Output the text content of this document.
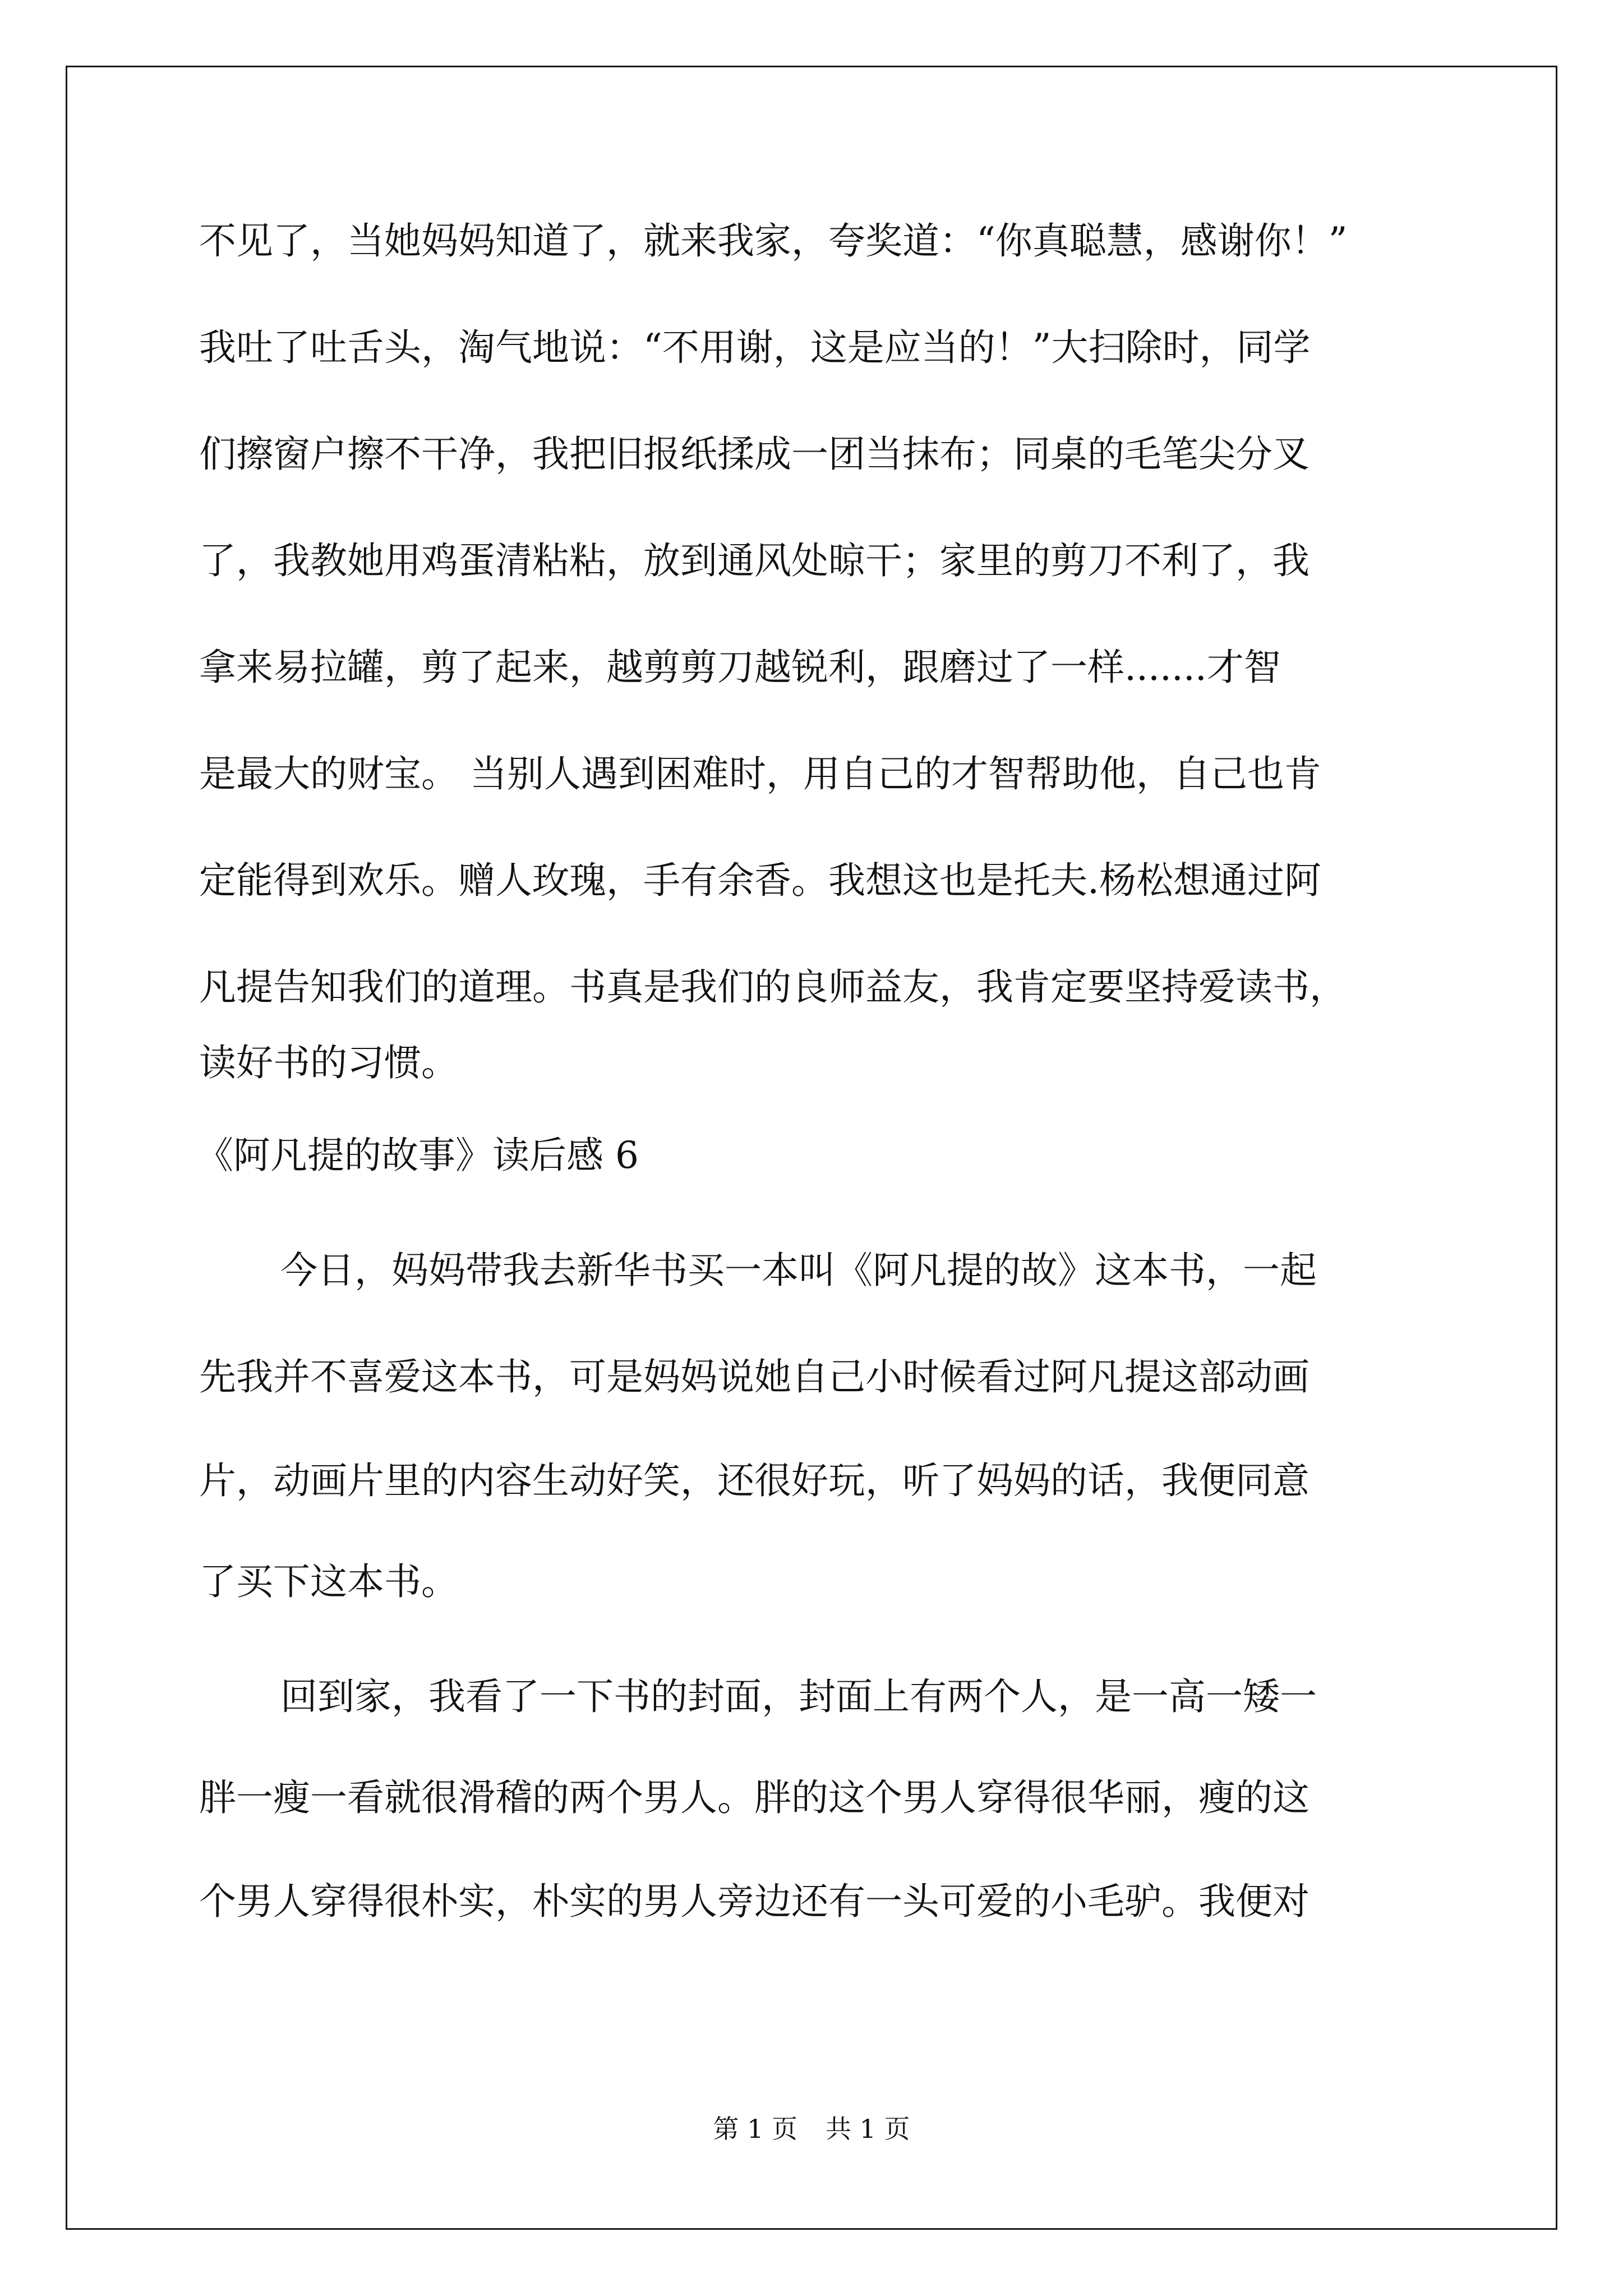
不见了，当她妈妈知道了，就来我家，夸奖道：“你真聪慧，感谢你！”
我吐了吐舌头，淘气地说：“不用谢，这是应当的！”大扫除时，同学
们擦窗户擦不干净，我把旧报纸揉成一团当抹布；同桌的毛笔尖分叉
了，我教她用鸡蛋清粘粘，放到通风处晾干；家里的剪刀不利了，我
拿来易拉罐，剪了起来，越剪剪刀越锐利，跟磨过了一样.......才智
是最大的财宝。 当别人遇到困难时，用自己的才智帮助他，自己也肯
定能得到欢乐。赠人玫瑰，手有余香。我想这也是托夫.杨松想通过阿
凡提告知我们的道理。书真是我们的良师益友，我肯定要坚持爱读书，
读好书的习惯。
《阿凡提的故事》读后感 6
今日，妈妈带我去新华书买一本叫《阿凡提的故》这本书，一起
先我并不喜爱这本书，可是妈妈说她自己小时候看过阿凡提这部动画
片，动画片里的内容生动好笑，还很好玩，听了妈妈的话，我便同意
了买下这本书。
回到家，我看了一下书的封面，封面上有两个人，是一高一矮一
胖一瘦一看就很滑稽的两个男人。胖的这个男人穿得很华丽，瘦的这
个男人穿得很朴实，朴实的男人旁边还有一头可爱的小毛驴。我便对
第 1 页 共 1 页
